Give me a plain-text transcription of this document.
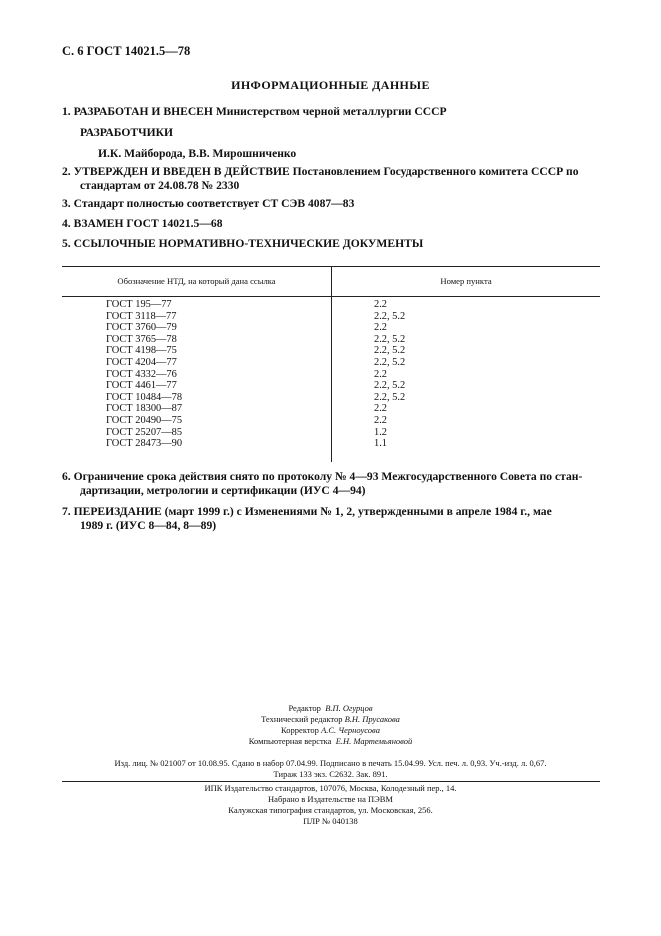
С. 6 ГОСТ 14021.5—78
ИНФОРМАЦИОННЫЕ ДАННЫЕ
1. РАЗРАБОТАН И ВНЕСЕН Министерством черной металлургии СССР
РАЗРАБОТЧИКИ
И.К. Майборода, В.В. Мирошниченко
2. УТВЕРЖДЕН И ВВЕДЕН В ДЕЙСТВИЕ Постановлением Государственного комитета СССР по
стандартам от 24.08.78 № 2330
3. Стандарт полностью соответствует СТ СЭВ 4087—83
4. ВЗАМЕН ГОСТ 14021.5—68
5. ССЫЛОЧНЫЕ НОРМАТИВНО-ТЕХНИЧЕСКИЕ ДОКУМЕНТЫ
Обозначение НТД, на который дана ссылка	Номер пункта
ГОСТ 195—77	2.2
ГОСТ 3118—77	2.2, 5.2
ГОСТ 3760—79	2.2
ГОСТ 3765—78	2.2, 5.2
ГОСТ 4198—75	2.2, 5.2
ГОСТ 4204—77	2.2, 5.2
ГОСТ 4332—76	2.2
ГОСТ 4461—77	2.2, 5.2
ГОСТ 10484—78	2.2, 5.2
ГОСТ 18300—87	2.2
ГОСТ 20490—75	2.2
ГОСТ 25207—85	1.2
ГОСТ 28473—90	1.1
6. Ограничение срока действия снято по протоколу № 4—93 Межгосударственного Совета по стан-
дартизации, метрологии и сертификации (ИУС 4—94)
7. ПЕРЕИЗДАНИЕ (март 1999 г.) с Изменениями № 1, 2, утвержденными в апреле 1984 г., мае
1989 г. (ИУС 8—84, 8—89)
Редактор В.П. Огурцов
Технический редактор В.Н. Прусакова
Корректор А.С. Черноусова
Компьютерная верстка Е.Н. Мартемьяновой
Изд. лиц. № 021007 от 10.08.95. Сдано в набор 07.04.99. Подписано в печать 15.04.99. Усл. печ. л. 0,93. Уч.-изд. л. 0,67.
Тираж 133 экз. С2632. Зак. 891.
ИПК Издательство стандартов, 107076, Москва, Колодезный пер., 14.
Набрано в Издательстве на ПЭВМ
Калужская типография стандартов, ул. Московская, 256.
ПЛР № 040138
